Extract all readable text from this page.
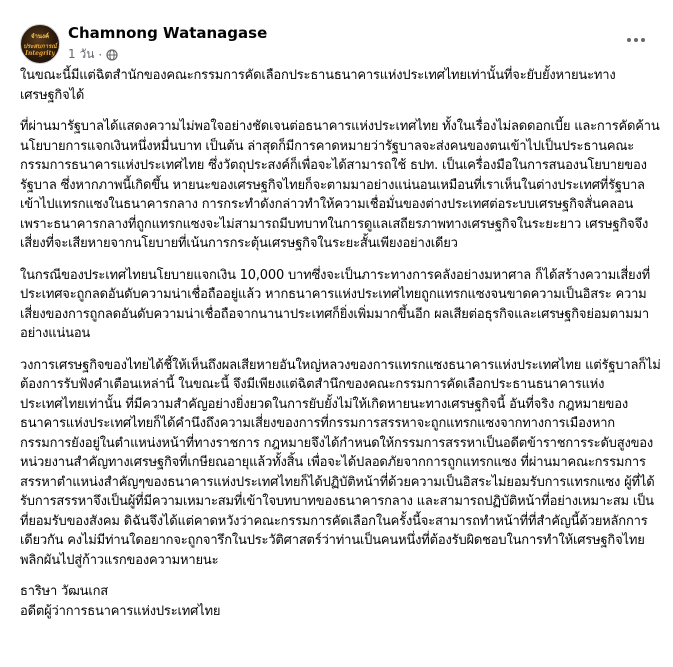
จำนงค์
ประสบการณ์ Integrity
Chamnong Watanagase
1 วัน ·

ในขณะนี้มีแต่ฉิตสำนักของคณะกรรมการคัดเลือกประธานธนาคารแห่งประเทศไทยเท่านั้นที่จะยับยั้งหายนะทางเศรษฐกิจได้

ที่ผ่านมารัฐบาลได้แสดงความไม่พอใจอย่างชัดเจนต่อธนาคารแห่งประเทศไทย ทั้งในเรื่องไม่ลดดอกเบี้ย และการคัดค้านนโยบายการแจกเงินหนึ่งหมื่นบาท เป็นต้น ล่าสุดก็มีการคาดหมายว่ารัฐบาลจะส่งคนของตนเข้าไปเป็นประธานคณะกรรมการธนาคารแห่งประเทศไทย ซึ่งวัตถุประสงค์ก็เพื่อจะได้สามารถใช้ ธปท. เป็นเครื่องมือในการสนองนโยบายของรัฐบาล ซึ่งหากภาพนี้เกิดขึ้น หายนะของเศรษฐกิจไทยก็จะตามมาอย่างแน่นอนเหมือนที่เราเห็นในต่างประเทศที่รัฐบาลเข้าไปแทรกแซงในธนาคารกลาง การกระทำดังกล่าวทำให้ความเชื่อมั่นของต่างประเทศต่อระบบเศรษฐกิจสั่นคลอน เพราะธนาคารกลางที่ถูกแทรกแซงจะไม่สามารถมีบทบาทในการดูแลเสถียรภาพทางเศรษฐกิจในระยะยาว เศรษฐกิจจึงเสี่ยงที่จะเสียหายจากนโยบายที่เน้นการกระตุ้นเศรษฐกิจในระยะสั้นเพียงอย่างเดียว

ในกรณีของประเทศไทยนโยบายแจกเงิน 10,000 บาทซึ่งจะเป็นภาระทางการคลังอย่างมหาศาล ก็ได้สร้างความเสี่ยงที่ประเทศจะถูกลดอันดับความน่าเชื่อถืออยู่แล้ว หากธนาคารแห่งประเทศไทยถูกแทรกแซงจนขาดความเป็นอิสระ ความเสี่ยงของการถูกลดอันดับความน่าเชื่อถือจากนานาประเทศก็ยิ่งเพิ่มมากขึ้นอีก ผลเสียต่อธุรกิจและเศรษฐกิจย่อมตามมาอย่างแน่นอน

วงการเศรษฐกิจของไทยได้ชี้ให้เห็นถึงผลเสียหายอันใหญ่หลวงของการแทรกแซงธนาคารแห่งประเทศไทย แต่รัฐบาลก็ไม่ต้องการรับฟังคำเตือนเหล่านี้ ในขณะนี้ จึงมีเพียงแต่ฉิตสำนึกของคณะกรรมการคัดเลือกประธานธนาคารแห่งประเทศไทยเท่านั้น ที่มีความสำคัญอย่างยิ่งยวดในการยับยั้งไม่ให้เกิดหายนะทางเศรษฐกิจนี้ อันที่จริง กฎหมายของธนาคารแห่งประเทศไทยก็ได้คำนึงถึงความเสี่ยงของการที่กรรมการสรรหาจะถูกแทรกแซงจากทางการเมืองหากกรรมการยังอยู่ในตำแหน่งหน้าที่ทางราชการ กฎหมายจึงได้กำหนดให้กรรมการสรรหาเป็นอดีตข้าราชการระดับสูงของหน่วยงานสำคัญทางเศรษฐกิจที่เกษียณอายุแล้วทั้งสิ้น เพื่อจะได้ปลอดภัยจากการถูกแทรกแซง ที่ผ่านมาคณะกรรมการสรรหาตำแหน่งสำคัญๆของธนาคารแห่งประเทศไทยก็ได้ปฏิบัติหน้าที่ด้วยความเป็นอิสระไม่ยอมรับการแทรกแซง ผู้ที่ได้รับการสรรหาจึงเป็นผู้ที่มีความเหมาะสมที่เข้าใจบทบาทของธนาคารกลาง และสามารถปฏิบัติหน้าที่อย่างเหมาะสม เป็นที่ยอมรับของสังคม ดิฉันจึงได้แต่คาดหวังว่าคณะกรรมการคัดเลือกในครั้งนี้จะสามารถทำหน้าที่ที่สำคัญนี้ด้วยหลักการเดียวกัน คงไม่มีท่านใดอยากจะถูกจารึกในประวัติศาสตร์ว่าท่านเป็นคนหนึ่งที่ต้องรับผิดชอบในการทำให้เศรษฐกิจไทยพลิกผันไปสู่ก้าวแรกของความหายนะ

ธาริษา วัฒนเกส

อดีตผู้ว่าการธนาคารแห่งประเทศไทย
